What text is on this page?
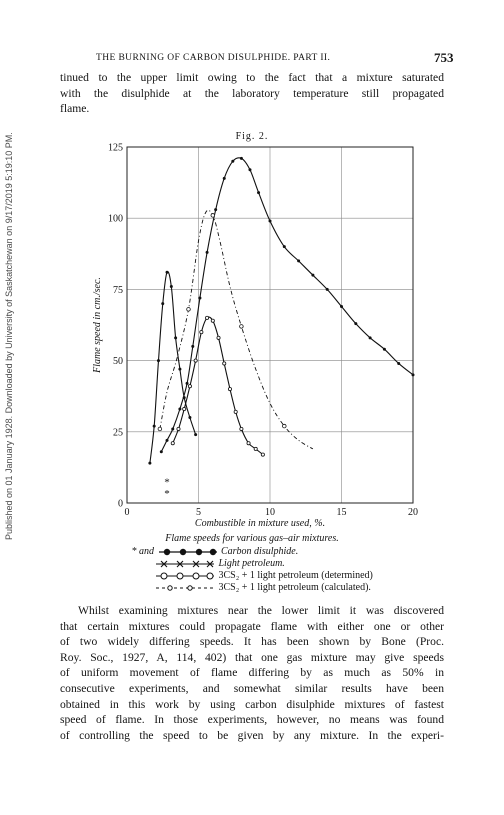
Published on 01 January 1928. Downloaded by University of Saskatchewan on 9/17/2019 5:19:10 PM.
THE BURNING OF CARBON DISULPHIDE. PART II.	753

tinued to the upper limit owing to the fact that a mixture saturated
with the disulphide at the laboratory temperature still propagated
flame.

Fig. 2.
0
25
50
75
100
125
0	5	10	15	20
*
*
Flame speed in cm./sec.
Combustible in mixture used, %.
Flame speeds for various gas–air mixtures.
* and	Carbon disulphide.
Light petroleum.
3CS₂ + 1 light petroleum (determined)
3CS₂ + 1 light petroleum (calculated).

Whilst examining mixtures near the lower limit it was discovered
that certain mixtures could propagate flame with either one or other
of two widely differing speeds. It has been shown by Bone (Proc.
Roy. Soc., 1927, A, 114, 402) that one gas mixture may give speeds
of uniform movement of flame differing by as much as 50% in
consecutive experiments, and somewhat similar results have been
obtained in this work by using carbon disulphide mixtures of fastest
speed of flame. In those experiments, however, no means was found
of controlling the speed to be given by any mixture. In the experi-
